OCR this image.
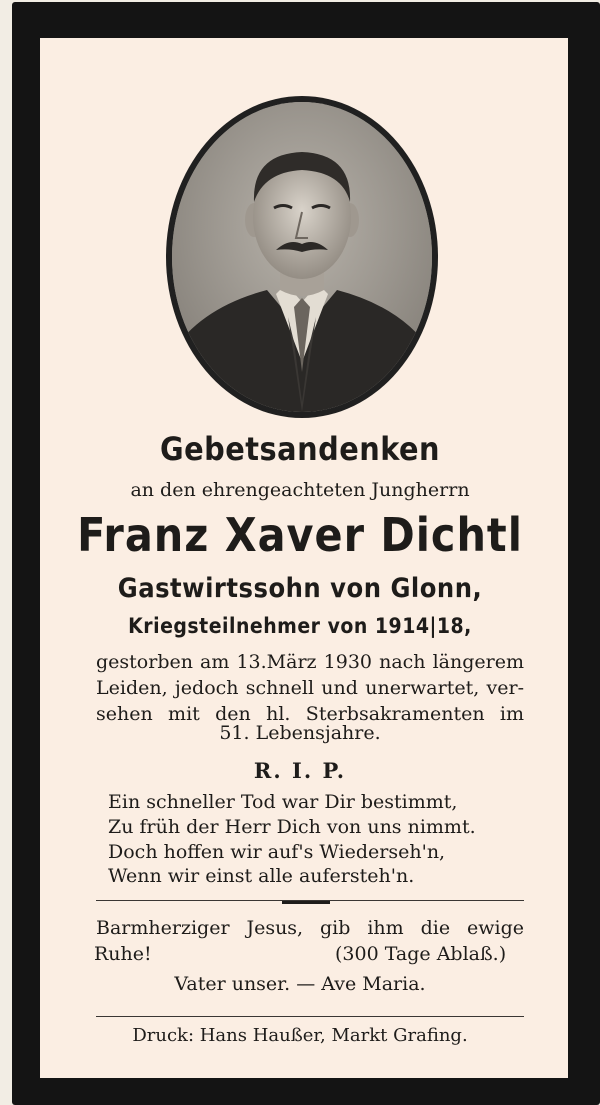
Gebetsandenken
an den ehrengeachteten Jungherrn
Franz Xaver Dichtl
Gastwirtssohn von Glonn,
Kriegsteilnehmer von 1914|18,
gestorben am 13.März 1930 nach längerem
Leiden, jedoch schnell und unerwartet, ver-
sehen mit den hl. Sterbsakramenten im
51. Lebensjahre.
R. I. P.
Ein schneller Tod war Dir bestimmt,
Zu früh der Herr Dich von uns nimmt.
Doch hoffen wir auf's Wiederseh'n,
Wenn wir einst alle aufersteh'n.
Barmherziger Jesus, gib ihm die ewige
Ruhe!	(300 Tage Ablaß.)
Vater unser. — Ave Maria.
Druck: Hans Haußer, Markt Grafing.
